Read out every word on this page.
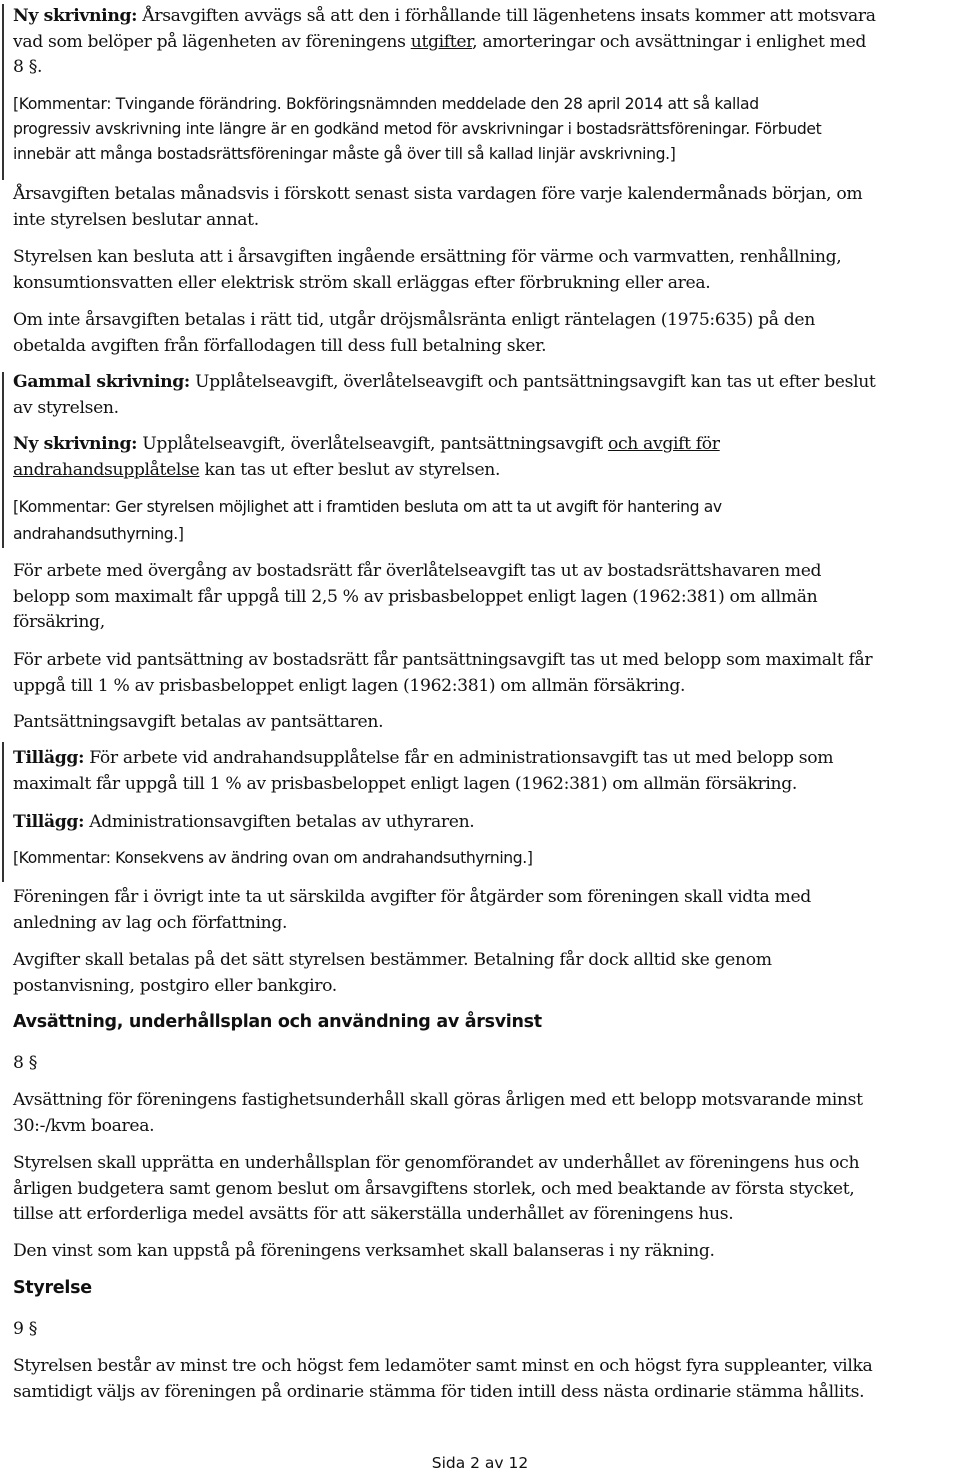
Ny skrivning: Årsavgiften avvägs så att den i förhållande till lägenhetens insats kommer att motsvara
vad som belöper på lägenheten av föreningens utgifter, amorteringar och avsättningar i enlighet med
8 §.

[Kommentar: Tvingande förändring. Bokföringsnämnden meddelade den 28 april 2014 att så kallad
progressiv avskrivning inte längre är en godkänd metod för avskrivningar i bostadsrättsföreningar. Förbudet
innebär att många bostadsrättsföreningar måste gå över till så kallad linjär avskrivning.]

Årsavgiften betalas månadsvis i förskott senast sista vardagen före varje kalendermånads början, om
inte styrelsen beslutar annat.

Styrelsen kan besluta att i årsavgiften ingående ersättning för värme och varmvatten, renhållning,
konsumtionsvatten eller elektrisk ström skall erläggas efter förbrukning eller area.

Om inte årsavgiften betalas i rätt tid, utgår dröjsmålsränta enligt räntelagen (1975:635) på den
obetalda avgiften från förfallodagen till dess full betalning sker.

Gammal skrivning: Upplåtelseavgift, överlåtelseavgift och pantsättningsavgift kan tas ut efter beslut
av styrelsen.

Ny skrivning: Upplåtelseavgift, överlåtelseavgift, pantsättningsavgift och avgift för
andrahandsupplåtelse kan tas ut efter beslut av styrelsen.

[Kommentar: Ger styrelsen möjlighet att i framtiden besluta om att ta ut avgift för hantering av
andrahandsuthyrning.]

För arbete med övergång av bostadsrätt får överlåtelseavgift tas ut av bostadsrättshavaren med
belopp som maximalt får uppgå till 2,5 % av prisbasbeloppet enligt lagen (1962:381) om allmän
försäkring,

För arbete vid pantsättning av bostadsrätt får pantsättningsavgift tas ut med belopp som maximalt får
uppgå till 1 % av prisbasbeloppet enligt lagen (1962:381) om allmän försäkring.

Pantsättningsavgift betalas av pantsättaren.

Tillägg: För arbete vid andrahandsupplåtelse får en administrationsavgift tas ut med belopp som
maximalt får uppgå till 1 % av prisbasbeloppet enligt lagen (1962:381) om allmän försäkring.

Tillägg: Administrationsavgiften betalas av uthyraren.

[Kommentar: Konsekvens av ändring ovan om andrahandsuthyrning.]

Föreningen får i övrigt inte ta ut särskilda avgifter för åtgärder som föreningen skall vidta med
anledning av lag och författning.

Avgifter skall betalas på det sätt styrelsen bestämmer. Betalning får dock alltid ske genom
postanvisning, postgiro eller bankgiro.

Avsättning, underhållsplan och användning av årsvinst

8 §

Avsättning för föreningens fastighetsunderhåll skall göras årligen med ett belopp motsvarande minst
30:-/kvm boarea.

Styrelsen skall upprätta en underhållsplan för genomförandet av underhållet av föreningens hus och
årligen budgetera samt genom beslut om årsavgiftens storlek, och med beaktande av första stycket,
tillse att erforderliga medel avsätts för att säkerställa underhållet av föreningens hus.

Den vinst som kan uppstå på föreningens verksamhet skall balanseras i ny räkning.

Styrelse

9 §

Styrelsen består av minst tre och högst fem ledamöter samt minst en och högst fyra suppleanter, vilka
samtidigt väljs av föreningen på ordinarie stämma för tiden intill dess nästa ordinarie stämma hållits.

Sida 2 av 12
